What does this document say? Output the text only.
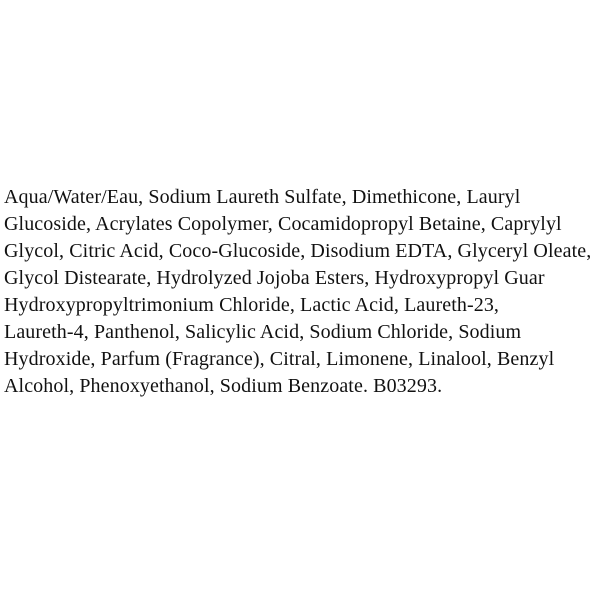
Aqua/Water/Eau, Sodium Laureth Sulfate, Dimethicone, Lauryl
Glucoside, Acrylates Copolymer, Cocamidopropyl Betaine, Caprylyl
Glycol, Citric Acid, Coco-Glucoside, Disodium EDTA, Glyceryl Oleate,
Glycol Distearate, Hydrolyzed Jojoba Esters, Hydroxypropyl Guar
Hydroxypropyltrimonium Chloride, Lactic Acid, Laureth-23,
Laureth-4, Panthenol, Salicylic Acid, Sodium Chloride, Sodium
Hydroxide, Parfum (Fragrance), Citral, Limonene, Linalool, Benzyl
Alcohol, Phenoxyethanol, Sodium Benzoate. B03293.
